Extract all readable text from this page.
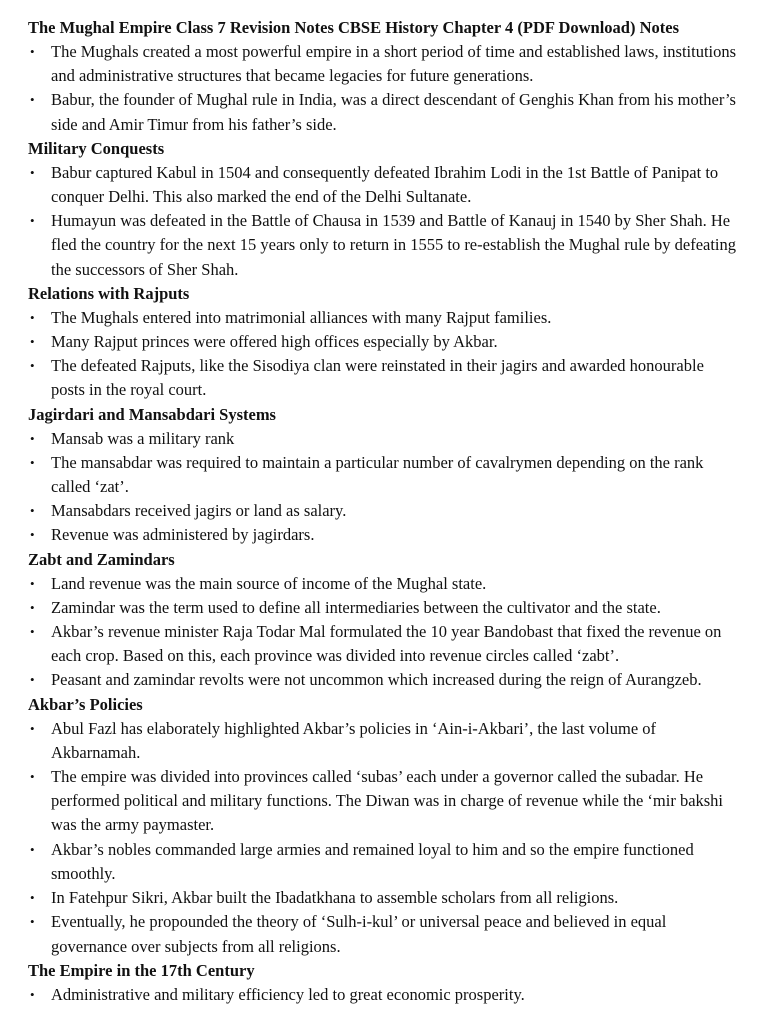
The Mughal Empire Class 7 Revision Notes CBSE History Chapter 4 (PDF Download) Notes

• The Mughals created a most powerful empire in a short period of time and established laws, institutions and administrative structures that became legacies for future generations.
• Babur, the founder of Mughal rule in India, was a direct descendant of Genghis Khan from his mother’s side and Amir Timur from his father’s side.

Military Conquests

• Babur captured Kabul in 1504 and consequently defeated Ibrahim Lodi in the 1st Battle of Panipat to conquer Delhi. This also marked the end of the Delhi Sultanate.
• Humayun was defeated in the Battle of Chausa in 1539 and Battle of Kanauj in 1540 by Sher Shah. He fled the country for the next 15 years only to return in 1555 to re-establish the Mughal rule by defeating the successors of Sher Shah.

Relations with Rajputs

• The Mughals entered into matrimonial alliances with many Rajput families.
• Many Rajput princes were offered high offices especially by Akbar.
• The defeated Rajputs, like the Sisodiya clan were reinstated in their jagirs and awarded honourable posts in the royal court.

Jagirdari and Mansabdari Systems

• Mansab was a military rank
• The mansabdar was required to maintain a particular number of cavalrymen depending on the rank called ‘zat’.
• Mansabdars received jagirs or land as salary.
• Revenue was administered by jagirdars.

Zabt and Zamindars

• Land revenue was the main source of income of the Mughal state.
• Zamindar was the term used to define all intermediaries between the cultivator and the state.
• Akbar’s revenue minister Raja Todar Mal formulated the 10 year Bandobast that fixed the revenue on each crop. Based on this, each province was divided into revenue circles called ‘zabt’.
• Peasant and zamindar revolts were not uncommon which increased during the reign of Aurangzeb.

Akbar’s Policies

• Abul Fazl has elaborately highlighted Akbar’s policies in ‘Ain-i-Akbari’, the last volume of Akbarnamah.
• The empire was divided into provinces called ‘subas’ each under a governor called the subadar. He performed political and military functions. The Diwan was in charge of revenue while the ‘mir bakshi was the army paymaster.
• Akbar’s nobles commanded large armies and remained loyal to him and so the empire functioned smoothly.
• In Fatehpur Sikri, Akbar built the Ibadatkhana to assemble scholars from all religions.
• Eventually, he propounded the theory of ‘Sulh-i-kul’ or universal peace and believed in equal governance over subjects from all religions.

The Empire in the 17th Century

• Administrative and military efficiency led to great economic prosperity.
